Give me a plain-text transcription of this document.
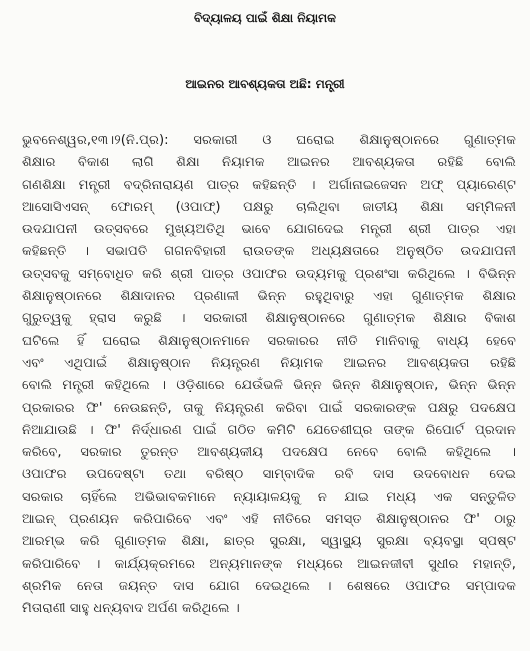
ବିଦ୍ୟାଳୟ ପାଇଁ ଶିକ୍ଷା ନିୟାମକ
ଆଇନର ଆବଶ୍ୟକତା ଅଛି: ମନ୍ତ୍ରୀ
ଭୁବନେଶ୍ୱର,୧୩।୨(ନି.ପ୍ର): ସରକାରୀ ଓ ଘରୋଇ ଶିକ୍ଷାନୁଷ୍ଠାନରେ ଗୁଣାତ୍ମକ
ଶିକ୍ଷାର ବିକାଶ ଲାଗି ଶିକ୍ଷା ନିୟାମକ ଆଇନର ଆବଶ୍ୟକତା ରହିଛି ବୋଲି
ଗଣଶିକ୍ଷା ମନ୍ତ୍ରୀ ବଦ୍ରିନାରାୟଣ ପାତ୍ର କହିଛନ୍ତି । ଅର୍ଗାନାଇଜେସନ ଅଫ୍ ପ୍ୟାରେଣ୍ଟ
ଆସୋସିଏସନ୍ ଫୋରମ୍ (ଓପାଫ୍) ପକ୍ଷରୁ ଚାଲିଥିବା ଜାତୀୟ ଶିକ୍ଷା ସମ୍ମିଳନୀ
ଉଦଯାପନୀ ଉତ୍ସବରେ ମୁଖ୍ୟଅତିଥି ଭାବେ ଯୋଗଦେଇ ମନ୍ତ୍ରୀ ଶ୍ରୀ ପାତ୍ର ଏହା
କହିଛନ୍ତି । ସଭାପତି ଗଗନବିହାରୀ ରାଉତଙ୍କ ଅଧ୍ୟକ୍ଷତାରେ ଅନୁଷ୍ଠିତ ଉଦଯାପନୀ
ଉତ୍ସବକୁ ସମ୍ବୋଧିତ କରି ଶ୍ରୀ ପାତ୍ର ଓପାଫର ଉଦ୍ୟମକୁ ପ୍ରଶଂସା କରିଥିଲେ । ବିଭିନ୍ନ
ଶିକ୍ଷାନୁଷ୍ଠାନରେ ଶିକ୍ଷାଦାନର ପ୍ରଣାଳୀ ଭିନ୍ନ ରହୁଥିବାରୁ ଏହା ଗୁଣାତ୍ମକ ଶିକ୍ଷାର
ଗୁରୁତ୍ୱକୁ ହ୍ରାସ କରୁଛି । ସରକାରୀ ଶିକ୍ଷାନୁଷ୍ଠାନରେ ଗୁଣାତ୍ମକ ଶିକ୍ଷାର ବିକାଶ
ଘଟିଲେ ହିଁ ଘରୋଇ ଶିକ୍ଷାନୁଷ୍ଠାନମାନେ ସରକାରର ନୀତି ମାନିବାକୁ ବାଧ୍ୟ ହେବେ
ଏବଂ ଏଥିପାଇଁ ଶିକ୍ଷାନୁଷ୍ଠାନ ନିୟନ୍ତ୍ରଣ ନିୟାମକ ଆଇନର ଆବଶ୍ୟକତା ରହିଛି
ବୋଲି ମନ୍ତ୍ରୀ କହିଥିଲେ । ଓଡ଼ିଶାରେ ଯେଉଁଭଳି ଭିନ୍ନ ଭିନ୍ନ ଶିକ୍ଷାନୁଷ୍ଠାନ, ଭିନ୍ନ ଭିନ୍ନ
ପ୍ରକାରର ଫି' ନେଉଛନ୍ତି, ତାକୁ ନିୟନ୍ତ୍ରଣ କରିବା ପାଇଁ ସରକାରଙ୍କ ପକ୍ଷରୁ ପଦକ୍ଷେପ
ନିଆଯାଉଛି । ଫି' ନିର୍ଦ୍ଧାରଣ ପାଇଁ ଗଠିତ କମିଟି ଯେତେଶୀଘ୍ର ତାଙ୍କ ରିପୋର୍ଟ ପ୍ରଦାନ
କରିବେ, ସରକାର ତୁରନ୍ତ ଆବଶ୍ୟକୀୟ ପଦକ୍ଷେପ ନେବେ ବୋଲି କହିଥିଲେ ।
ଓପାଫର ଉପଦେଷ୍ଟା ତଥା ବରିଷ୍ଠ ସାମ୍ବାଦିକ ରବି ଦାସ ଉଦବୋଧନ ଦେଇ
ସରକାର ଚାହିଁଲେ ଅଭିଭାବକମାନେ ନ୍ୟାୟାଳୟକୁ ନ ଯାଇ ମଧ୍ୟ ଏକ ସନ୍ତୁଳିତ
ଆଇନ୍ ପ୍ରଣୟନ କରିପାରିବେ ଏବଂ ଏହି ନୀତିରେ ସମସ୍ତ ଶିକ୍ଷାନୁଷ୍ଠାନର ଫି' ଠାରୁ
ଆରମ୍ଭ କରି ଗୁଣାତ୍ମକ ଶିକ୍ଷା, ଛାତ୍ର ସୁରକ୍ଷା, ସ୍ୱାସ୍ଥ୍ୟ ସୁରକ୍ଷା ବ୍ୟବସ୍ଥା ସ୍ପଷ୍ଟ
କରିପାରିବେ । କାର୍ଯ୍ୟକ୍ରମରେ ଅନ୍ୟମାନଙ୍କ ମଧ୍ୟରେ ଆଇନଜୀବୀ ସୁଧୀର ମହାନ୍ତି,
ଶ୍ରମିକ ନେତା ଜୟନ୍ତ ଦାସ ଯୋଗ ଦେଇଥିଲେ । ଶେଷରେ ଓପାଫର ସମ୍ପାଦକ
ମିତାରାଣୀ ସାହୁ ଧନ୍ୟବାଦ ଅର୍ପଣ କରିଥିଲେ ।
